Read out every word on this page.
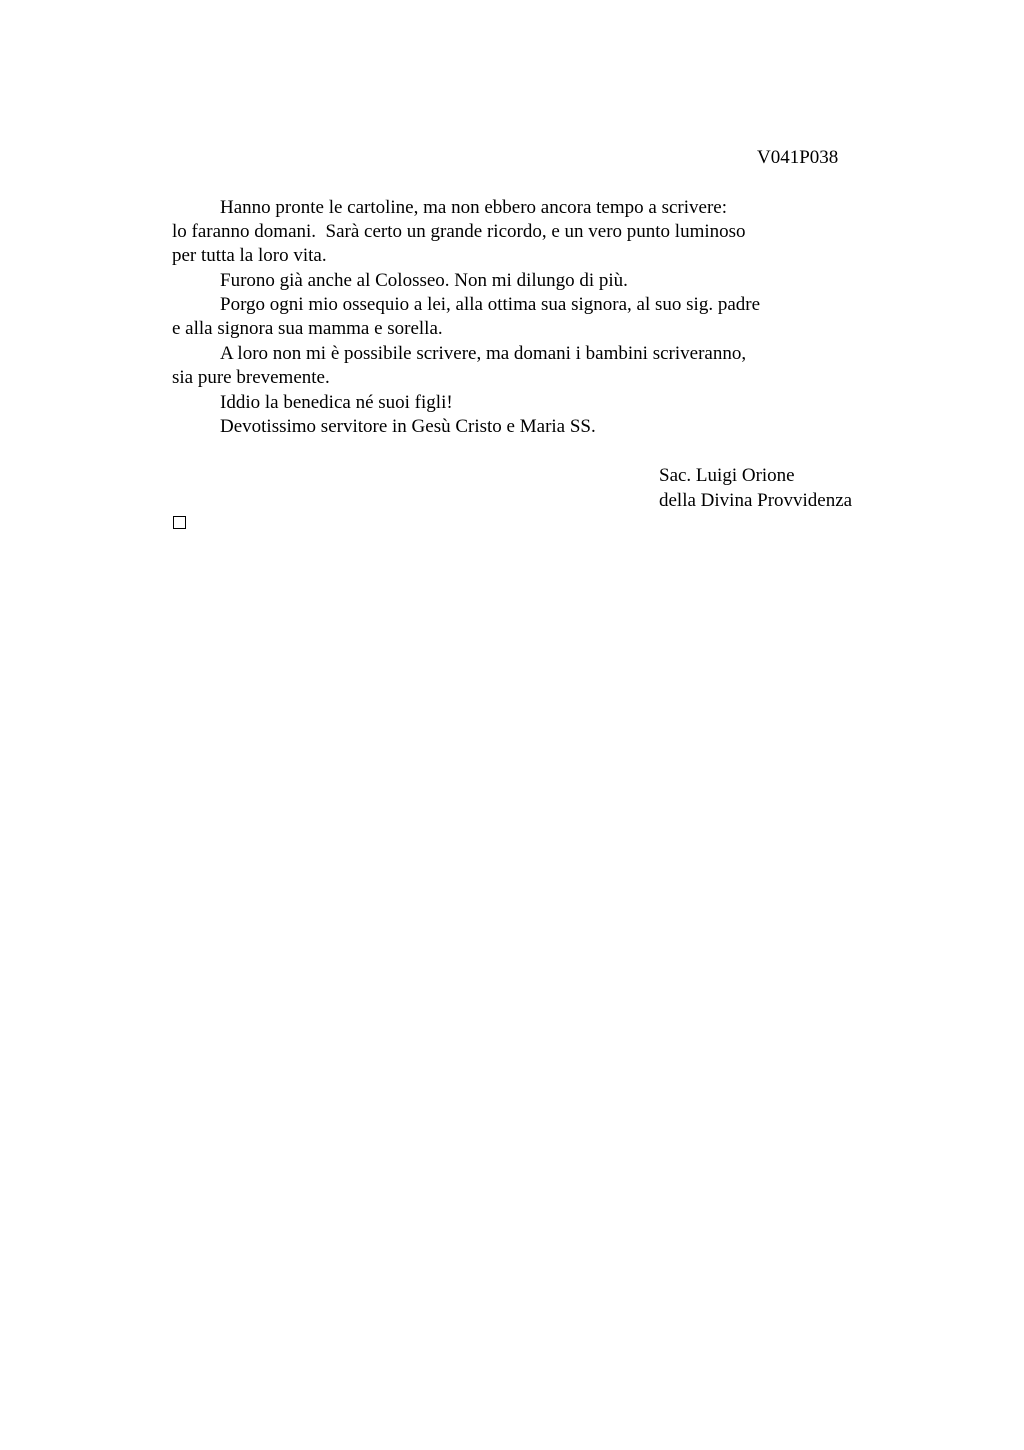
V041P038
Hanno pronte le cartoline, ma non ebbero ancora tempo a scrivere:
lo faranno domani.  Sarà certo un grande ricordo, e un vero punto luminoso
per tutta la loro vita.
Furono già anche al Colosseo. Non mi dilungo di più.
Porgo ogni mio ossequio a lei, alla ottima sua signora, al suo sig. padre
e alla signora sua mamma e sorella.
A loro non mi è possibile scrivere, ma domani i bambini scriveranno,
sia pure brevemente.
Iddio la benedica né suoi figli!
Devotissimo servitore in Gesù Cristo e Maria SS.
Sac. Luigi Orione
della Divina Provvidenza
